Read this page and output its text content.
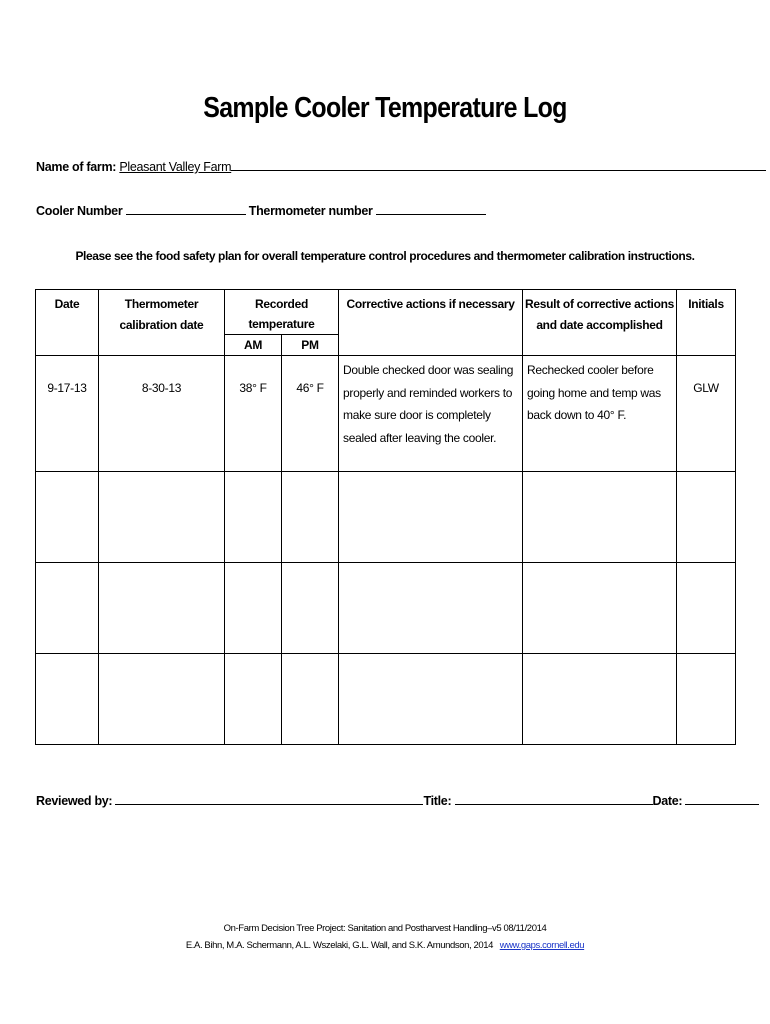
Sample Cooler Temperature Log
Name of farm: Pleasant Valley Farm
Cooler Number	Thermometer number
Please see the food safety plan for overall temperature control procedures and thermometer calibration instructions.
Date	Thermometer calibration date	Recorded temperature		Corrective actions if necessary	Result of corrective actions and date accomplished	Initials
		AM	PM			
9-17-13	8-30-13	38° F	46° F	Double checked door was sealing properly and reminded workers to make sure door is completely sealed after leaving the cooler.	Rechecked cooler before going home and temp was back down to 40° F.	GLW

Reviewed by:	Title:	Date:
On-Farm Decision Tree Project: Sanitation and Postharvest Handling–v5 08/11/2014
E.A. Bihn, M.A. Schermann, A.L. Wszelaki, G.L. Wall, and S.K. Amundson, 2014 www.gaps.cornell.edu
